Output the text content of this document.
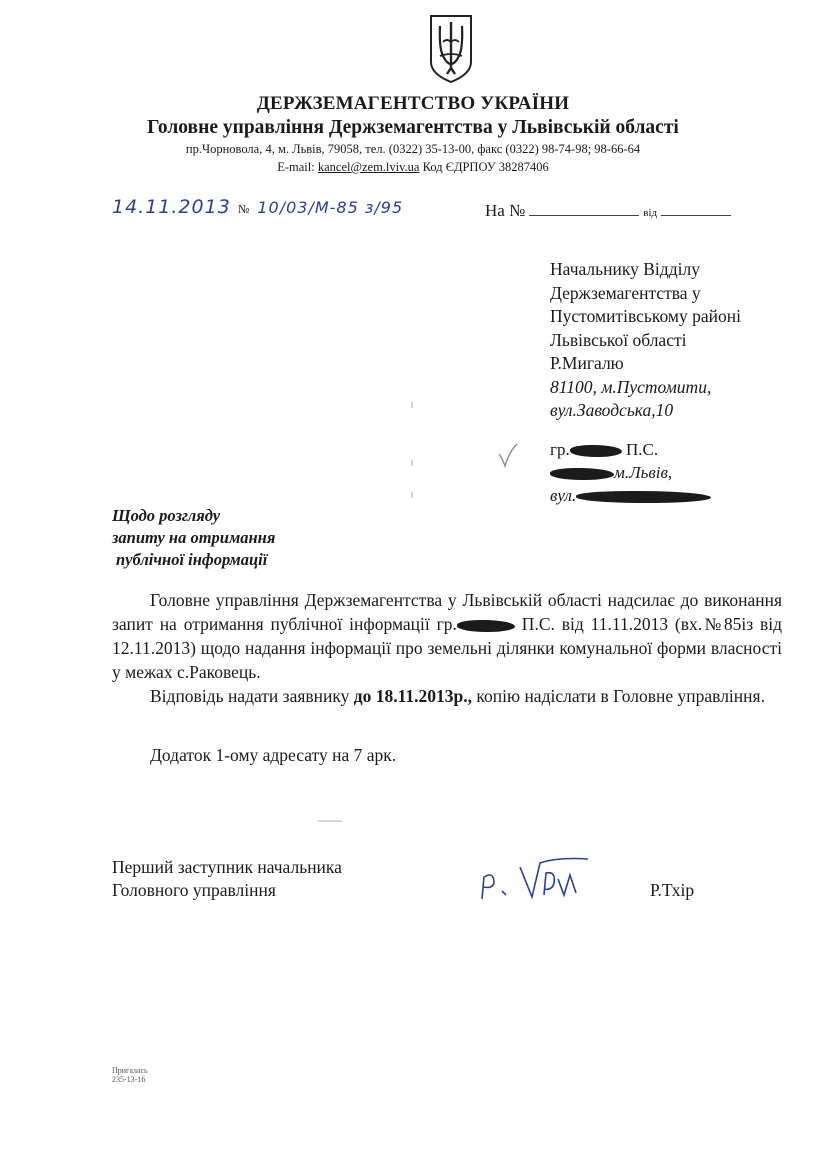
ДЕРЖЗЕМАГЕНТСТВО УКРАЇНИ
Головне управління Держземагентства у Львівській області
пр.Чорновола, 4, м. Львів, 79058, тел. (0322) 35-13-00, факс (0322) 98-74-98; 98-66-64
E-mail: kancel@zem.lviv.ua Код ЄДРПОУ 38287406
14.11.2013 № 10/03/М-85 з/95	На №	від
Начальнику Відділу
Держземагентства у
Пустомитівському районі
Львівської області
Р.Мигалю
81100, м.Пустомити,
вул.Заводська,10
гр.	П.С.
м.Львів,
вул.
Щодо розгляду
запиту на отримання
публічної інформації

Головне управління Держземагентства у Львівській області надсилає до виконання запит на отримання публічної інформації гр.	П.С. від 11.11.2013 (вх.№85із від 12.11.2013) щодо надання інформації про земельні ділянки комунальної форми власності у межах с.Раковець.

Відповідь надати заявнику до 18.11.2013р., копію надіслати в Головне управління.

Додаток 1-ому адресату на 7 арк.
Перший заступник начальника
Головного управління	Р.Тхір
Пригалась
235-13-16
